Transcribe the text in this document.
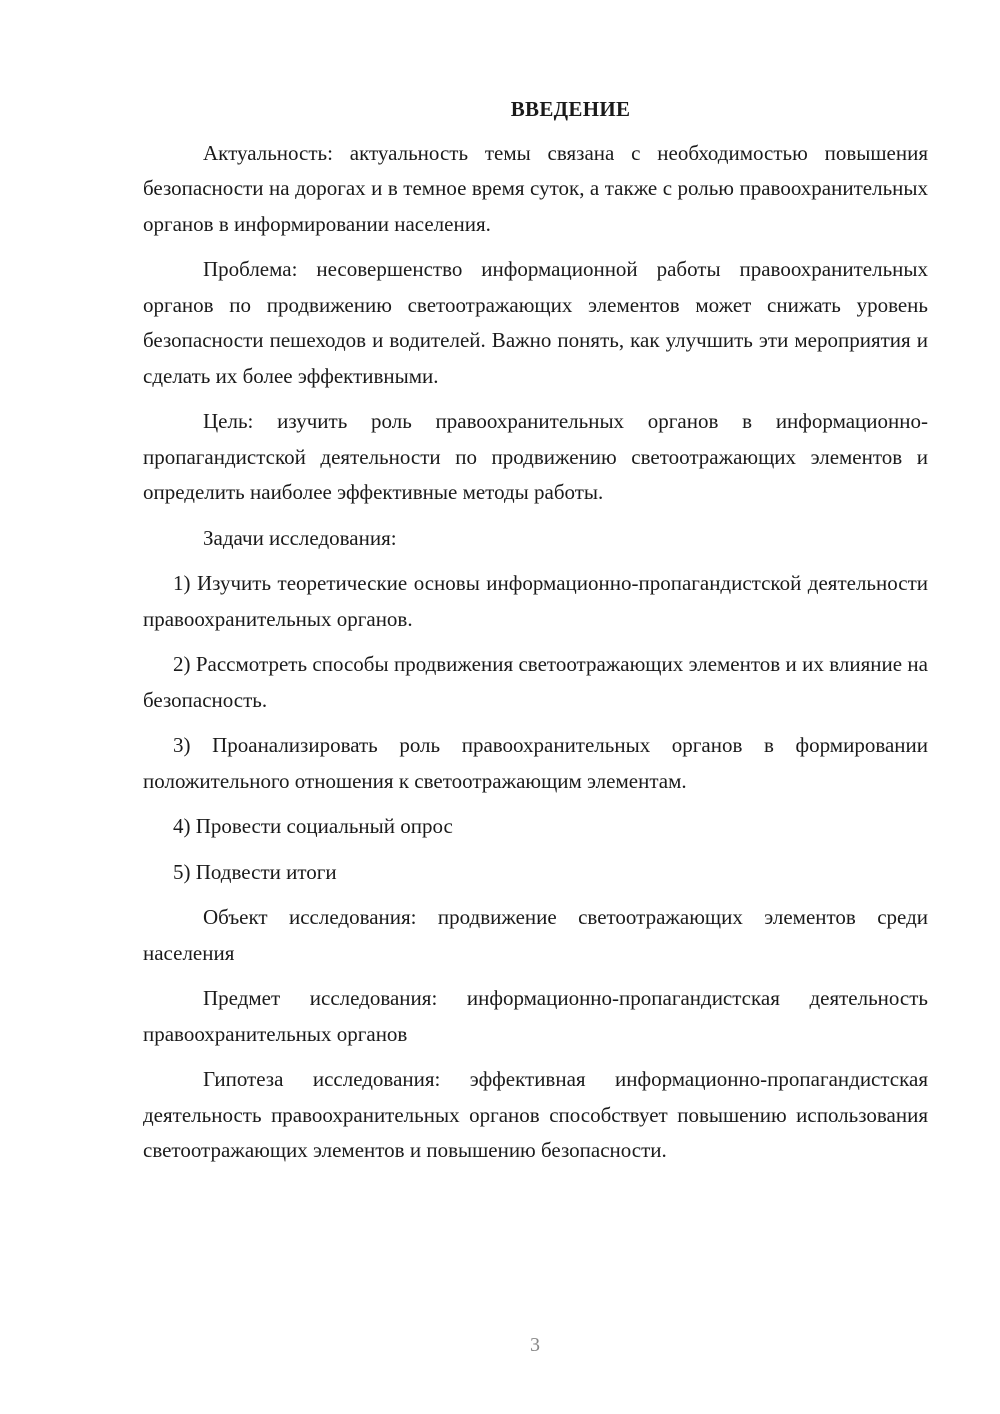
ВВЕДЕНИЕ

Актуальность: актуальность темы связана с необходимостью повышения безопасности на дорогах и в темное время суток, а также с ролью правоохранительных органов в информировании населения.

Проблема: несовершенство информационной работы правоохранительных органов по продвижению светоотражающих элементов может снижать уровень безопасности пешеходов и водителей. Важно понять, как улучшить эти мероприятия и сделать их более эффективными.

Цель: изучить роль правоохранительных органов в информационно-пропагандистской деятельности по продвижению светоотражающих элементов и определить наиболее эффективные методы работы.

Задачи исследования:

1) Изучить теоретические основы информационно-пропагандистской деятельности правоохранительных органов.

2) Рассмотреть способы продвижения светоотражающих элементов и их влияние на безопасность.

3) Проанализировать роль правоохранительных органов в формировании положительного отношения к светоотражающим элементам.

4) Провести социальный опрос

5) Подвести итоги

Объект исследования: продвижение светоотражающих элементов среди населения

Предмет исследования: информационно-пропагандистская деятельность правоохранительных органов

Гипотеза исследования: эффективная информационно-пропагандистская деятельность правоохранительных органов способствует повышению использования светоотражающих элементов и повышению безопасности.

3
